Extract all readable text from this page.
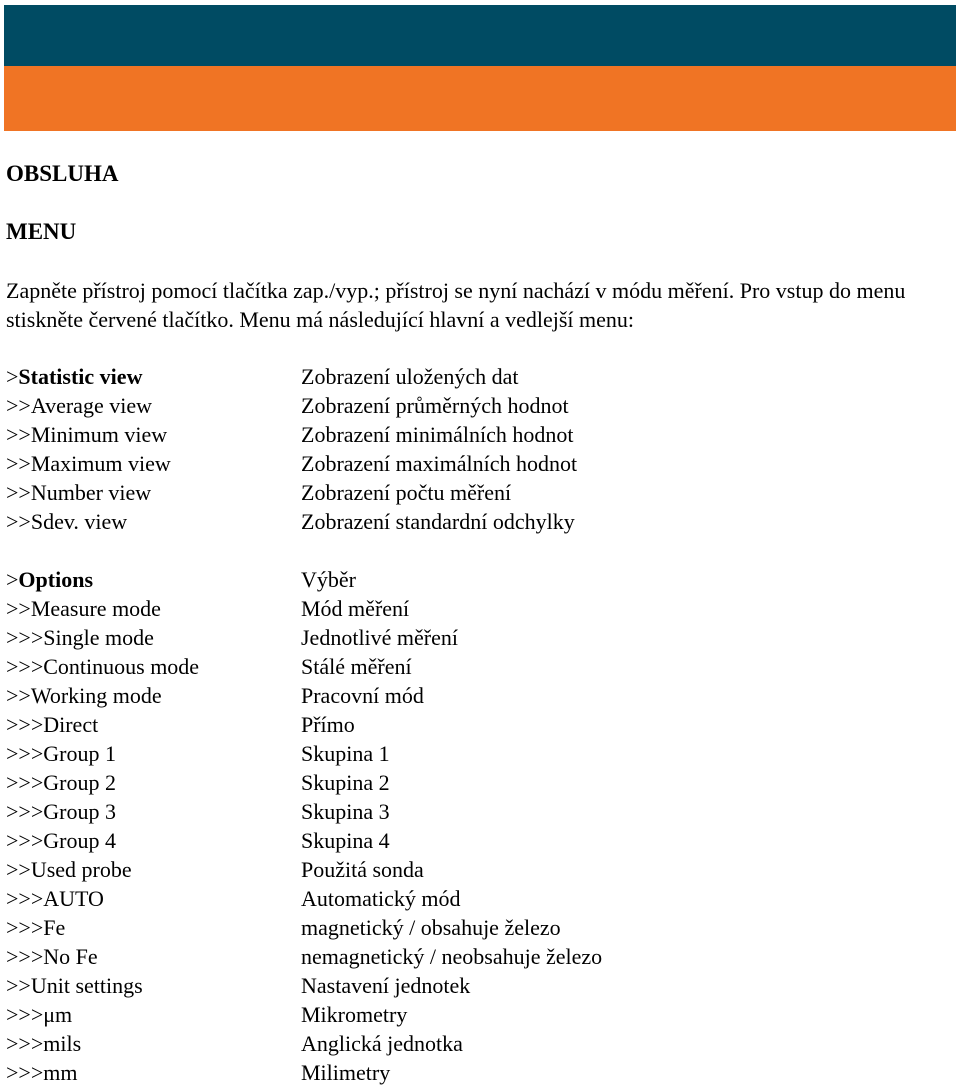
OBSLUHA
MENU

Zapněte přístroj pomocí tlačítka zap./vyp.; přístroj se nyní nachází v módu měření. Pro vstup do menu stiskněte červené tlačítko. Menu má následující hlavní a vedlejší menu:

>Statistic view	Zobrazení uložených dat
>>Average view	Zobrazení průměrných hodnot
>>Minimum view	Zobrazení minimálních hodnot
>>Maximum view	Zobrazení maximálních hodnot
>>Number view	Zobrazení počtu měření
>>Sdev. view	Zobrazení standardní odchylky
>Options	Výběr
>>Measure mode	Mód měření
>>>Single mode	Jednotlivé měření
>>>Continuous mode	Stálé měření
>>Working mode	Pracovní mód
>>>Direct	Přímo
>>>Group 1	Skupina 1
>>>Group 2	Skupina 2
>>>Group 3	Skupina 3
>>>Group 4	Skupina 4
>>Used probe	Použitá sonda
>>>AUTO	Automatický mód
>>>Fe	magnetický / obsahuje železo
>>>No Fe	nemagnetický / neobsahuje železo
>>Unit settings	Nastavení jednotek
>>>μm	Mikrometry
>>>mils	Anglická jednotka
>>>mm	Milimetry
